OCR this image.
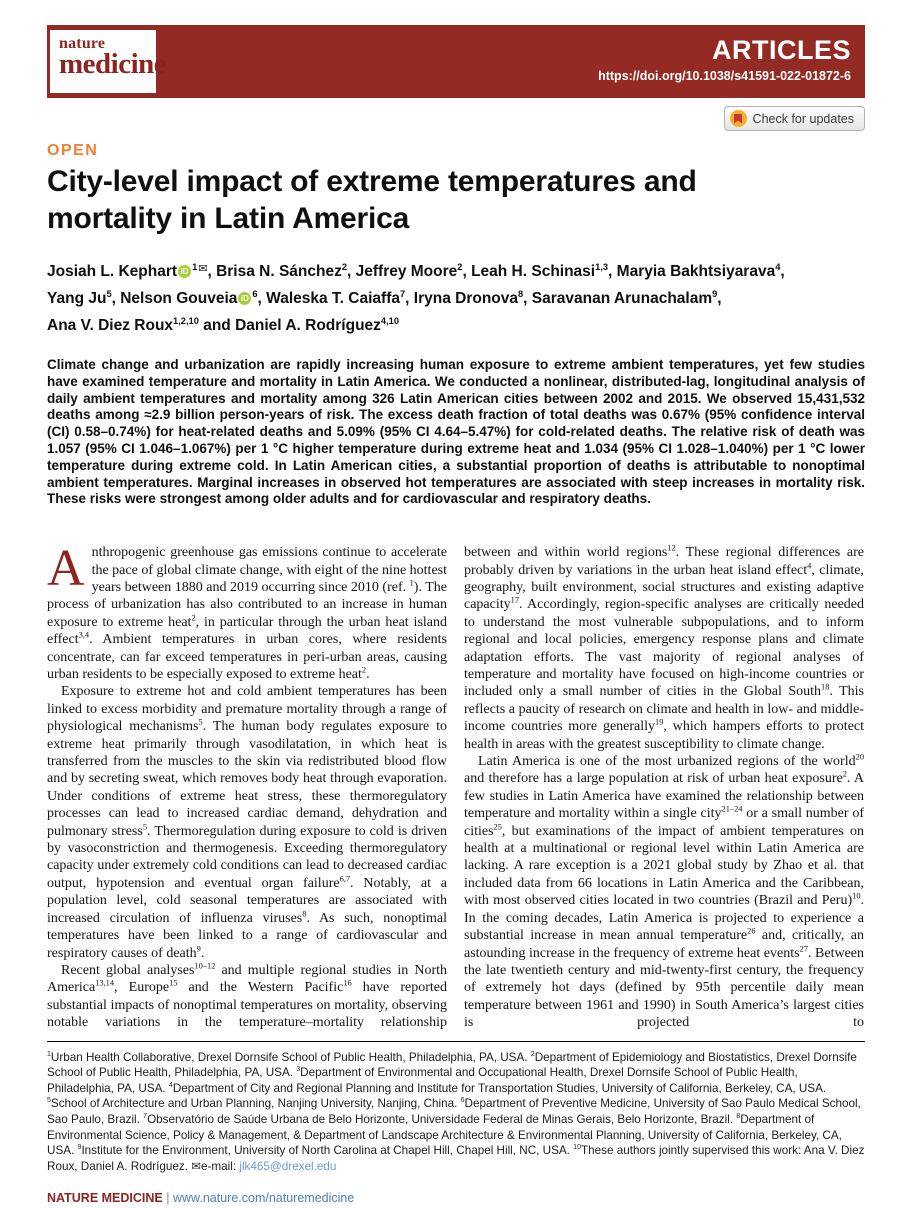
nature
medicine	ARTICLES
https://doi.org/10.1038/s41591-022-01872-6
Check for updates
OPEN
City-level impact of extreme temperatures and
mortality in Latin America
Josiah L. Kephart iD $^{1✉}$, Brisa N. Sánchez$^2$, Jeffrey Moore$^2$, Leah H. Schinasi$^{1,3}$, Maryia Bakhtsiyarava$^4$,
Yang Ju$^5$, Nelson Gouveia iD $^6$, Waleska T. Caiaffa$^7$, Iryna Dronova$^8$, Saravanan Arunachalam$^9$,
Ana V. Diez Roux$^{1,2,10}$ and Daniel A. Rodríguez$^{4,10}$
Climate change and urbanization are rapidly increasing human exposure to extreme ambient temperatures, yet few studies have examined temperature and mortality in Latin America. We conducted a nonlinear, distributed-lag, longitudinal analysis of daily ambient temperatures and mortality among 326 Latin American cities between 2002 and 2015. We observed 15,431,532 deaths among ≈2.9 billion person-years of risk. The excess death fraction of total deaths was 0.67% (95% confidence interval (CI) 0.58–0.74%) for heat-related deaths and 5.09% (95% CI 4.64–5.47%) for cold-related deaths. The relative risk of death was 1.057 (95% CI 1.046–1.067%) per 1 °C higher temperature during extreme heat and 1.034 (95% CI 1.028–1.040%) per 1 °C lower temperature during extreme cold. In Latin American cities, a substantial proportion of deaths is attributable to nonoptimal ambient temperatures. Marginal increases in observed hot temperatures are associated with steep increases in mortality risk. These risks were strongest among older adults and for cardiovascular and respiratory deaths.

Anthropogenic greenhouse gas emissions continue to accelerate the pace of global climate change, with eight of the nine hottest years between 1880 and 2019 occurring since 2010 (ref. $^1$). The process of urbanization has also contributed to an increase in human exposure to extreme heat$^2$, in particular through the urban heat island effect$^{3,4}$. Ambient temperatures in urban cores, where residents concentrate, can far exceed temperatures in peri-urban areas, causing urban residents to be especially exposed to extreme heat$^2$.

Exposure to extreme hot and cold ambient temperatures has been linked to excess morbidity and premature mortality through a range of physiological mechanisms$^5$. The human body regulates exposure to extreme heat primarily through vasodilatation, in which heat is transferred from the muscles to the skin via redistributed blood flow and by secreting sweat, which removes body heat through evaporation. Under conditions of extreme heat stress, these thermoregulatory processes can lead to increased cardiac demand, dehydration and pulmonary stress$^5$. Thermoregulation during exposure to cold is driven by vasoconstriction and thermogenesis. Exceeding thermoregulatory capacity under extremely cold conditions can lead to decreased cardiac output, hypotension and eventual organ failure$^{6,7}$. Notably, at a population level, cold seasonal temperatures are associated with increased circulation of influenza viruses$^8$. As such, nonoptimal temperatures have been linked to a range of cardiovascular and respiratory causes of death$^9$.

Recent global analyses$^{10-12}$ and multiple regional studies in North America$^{13,14}$, Europe$^{15}$ and the Western Pacific$^{16}$ have reported substantial impacts of nonoptimal temperatures on mortality, observing notable variations in the temperature–mortality relationship

between and within world regions$^{12}$. These regional differences are probably driven by variations in the urban heat island effect$^4$, climate, geography, built environment, social structures and existing adaptive capacity$^{17}$. Accordingly, region-specific analyses are critically needed to understand the most vulnerable subpopulations, and to inform regional and local policies, emergency response plans and climate adaptation efforts. The vast majority of regional analyses of temperature and mortality have focused on high-income countries or included only a small number of cities in the Global South$^{18}$. This reflects a paucity of research on climate and health in low- and middle-income countries more generally$^{19}$, which hampers efforts to protect health in areas with the greatest susceptibility to climate change.

Latin America is one of the most urbanized regions of the world$^{20}$ and therefore has a large population at risk of urban heat exposure$^2$. A few studies in Latin America have examined the relationship between temperature and mortality within a single city$^{21-24}$ or a small number of cities$^{25}$, but examinations of the impact of ambient temperatures on health at a multinational or regional level within Latin America are lacking. A rare exception is a 2021 global study by Zhao et al. that included data from 66 locations in Latin America and the Caribbean, with most observed cities located in two countries (Brazil and Peru)$^{10}$. In the coming decades, Latin America is projected to experience a substantial increase in mean annual temperature$^{26}$ and, critically, an astounding increase in the frequency of extreme heat events$^{27}$. Between the late twentieth century and mid-twenty-first century, the frequency of extremely hot days (defined by 95th percentile daily mean temperature between 1961 and 1990) in South America’s largest cities is projected to

$^1$Urban Health Collaborative, Drexel Dornsife School of Public Health, Philadelphia, PA, USA. $^2$Department of Epidemiology and Biostatistics, Drexel Dornsife School of Public Health, Philadelphia, PA, USA. $^3$Department of Environmental and Occupational Health, Drexel Dornsife School of Public Health, Philadelphia, PA, USA. $^4$Department of City and Regional Planning and Institute for Transportation Studies, University of California, Berkeley, CA, USA. $^5$School of Architecture and Urban Planning, Nanjing University, Nanjing, China. $^6$Department of Preventive Medicine, University of Sao Paulo Medical School, Sao Paulo, Brazil. $^7$Observatório de Saúde Urbana de Belo Horizonte, Universidade Federal de Minas Gerais, Belo Horizonte, Brazil. $^8$Department of Environmental Science, Policy & Management, & Department of Landscape Architecture & Environmental Planning, University of California, Berkeley, CA, USA. $^9$Institute for the Environment, University of North Carolina at Chapel Hill, Chapel Hill, NC, USA. $^{10}$These authors jointly supervised this work: Ana V. Diez Roux, Daniel A. Rodríguez. ✉e-mail: jlk465@drexel.edu
NATURE MEDICINE | www.nature.com/naturemedicine
